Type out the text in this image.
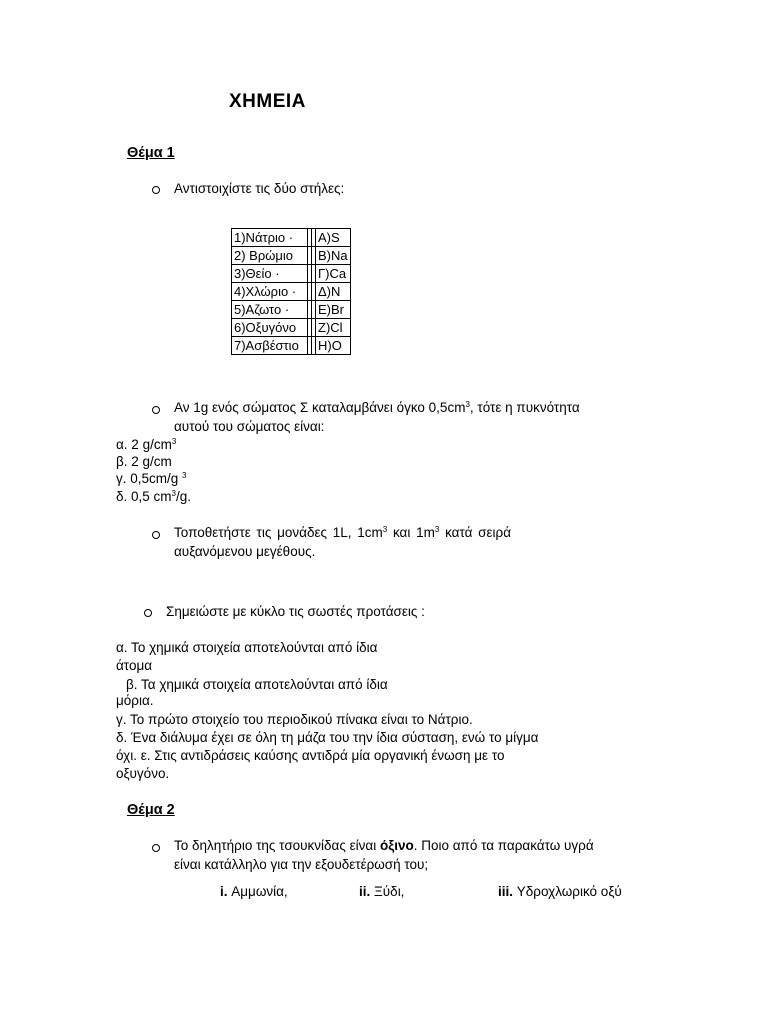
ΧΗΜΕΙΑ
Θέμα 1
Αντιστοιχίστε τις δύο στήλες:
1)Νάτριο ·			Α)S
2) Βρώμιο			Β)Na
3)Θείο ·			Γ)Ca
4)Χλώριο ·			Δ)N
5)Αζωτο ·			E)Br
6)Οξυγόνο			Z)Cl
7)Ασβέστιο			H)O
Αν 1g ενός σώματος Σ καταλαμβάνει όγκο $0,5cm^3$, τότε η πυκνότητα
αυτού του σώματος είναι:
α. 2 $g/cm^3$
β. 2 g/cm
γ. 0,5cm/g $^3$
δ. 0,5 $cm^3/g$.
Τοποθετήστε τις μονάδες 1L, $1cm^3$ και $1m^3$ κατά σειρά
αυξανόμενου μεγέθους.
Σημειώστε με κύκλο τις σωστές προτάσεις :
α. Το χημικά στοιχεία αποτελούνται από ίδια
άτομα
β. Τα χημικά στοιχεία αποτελούνται από ίδια
μόρια.
γ. Το πρώτο στοιχείο του περιοδικού πίνακα είναι το Νάτριο.
δ. Ένα διάλυμα έχει σε όλη τη μάζα του την ίδια σύσταση, ενώ το μίγμα
όχι. ε. Στις αντιδράσεις καύσης αντιδρά μία οργανική ένωση με το
οξυγόνο.
Θέμα 2
Το δηλητήριο της τσουκνίδας είναι όξινο. Ποιο από τα παρακάτω υγρά
είναι κατάλληλο για την εξουδετέρωσή του;
i. Αμμωνία,	ii. Ξύδι,	iii. Υδροχλωρικό οξύ
